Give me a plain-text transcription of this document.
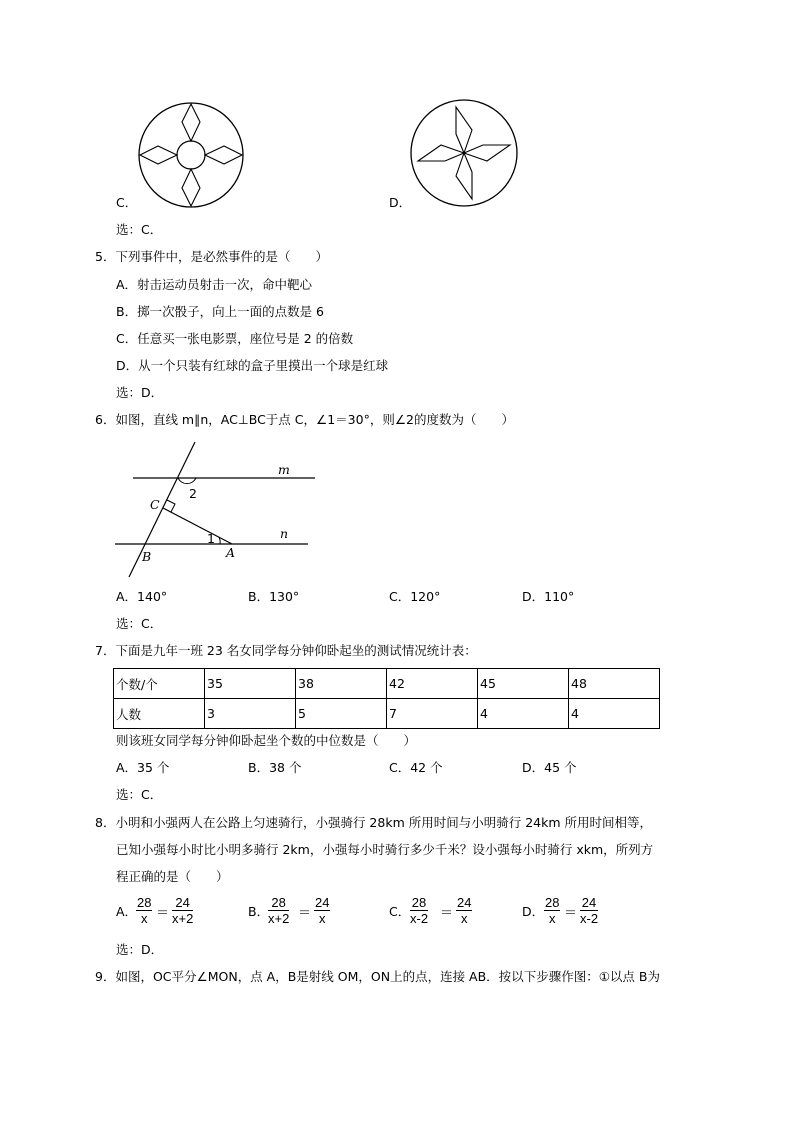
C．	D．
选：C．
5．下列事件中，是必然事件的是（　　）
A．射击运动员射击一次，命中靶心
B．掷一次骰子，向上一面的点数是 6
C．任意买一张电影票，座位号是 2 的倍数
D．从一个只装有红球的盒子里摸出一个球是红球
选：D．
6．如图，直线 m∥n，AC⊥BC于点 C，∠1＝30°，则∠2的度数为（　　）
m
n
C
B	A
1
2
A．140°	B．130°	C．120°	D．110°
选：C．
7．下面是九年一班 23 名女同学每分钟仰卧起坐的测试情况统计表：
个数/个	35	38	42	45	48
人数	3	5	7	4	4
则该班女同学每分钟仰卧起坐个数的中位数是（　　）
A．35 个	B．38 个	C．42 个	D．45 个
选：C．
8．小明和小强两人在公路上匀速骑行，小强骑行 28km 所用时间与小明骑行 24km 所用时间相等，
已知小强每小时比小明多骑行 2km，小强每小时骑行多少千米？设小强每小时骑行 xkm，所列方
程正确的是（　　）
A．
$\frac{28}{x} = \frac{24}{x+2}$	B．
$\frac{28}{x+2} = \frac{24}{x}$	C． $\frac{28}{x-2} = \frac{24}{x}$	D． $\frac{28}{x} = \frac{24}{x-2}$
选：D．
9．如图，OC平分∠MON，点 A，B是射线 OM，ON上的点，连接 AB．按以下步骤作图：①以点 B为
